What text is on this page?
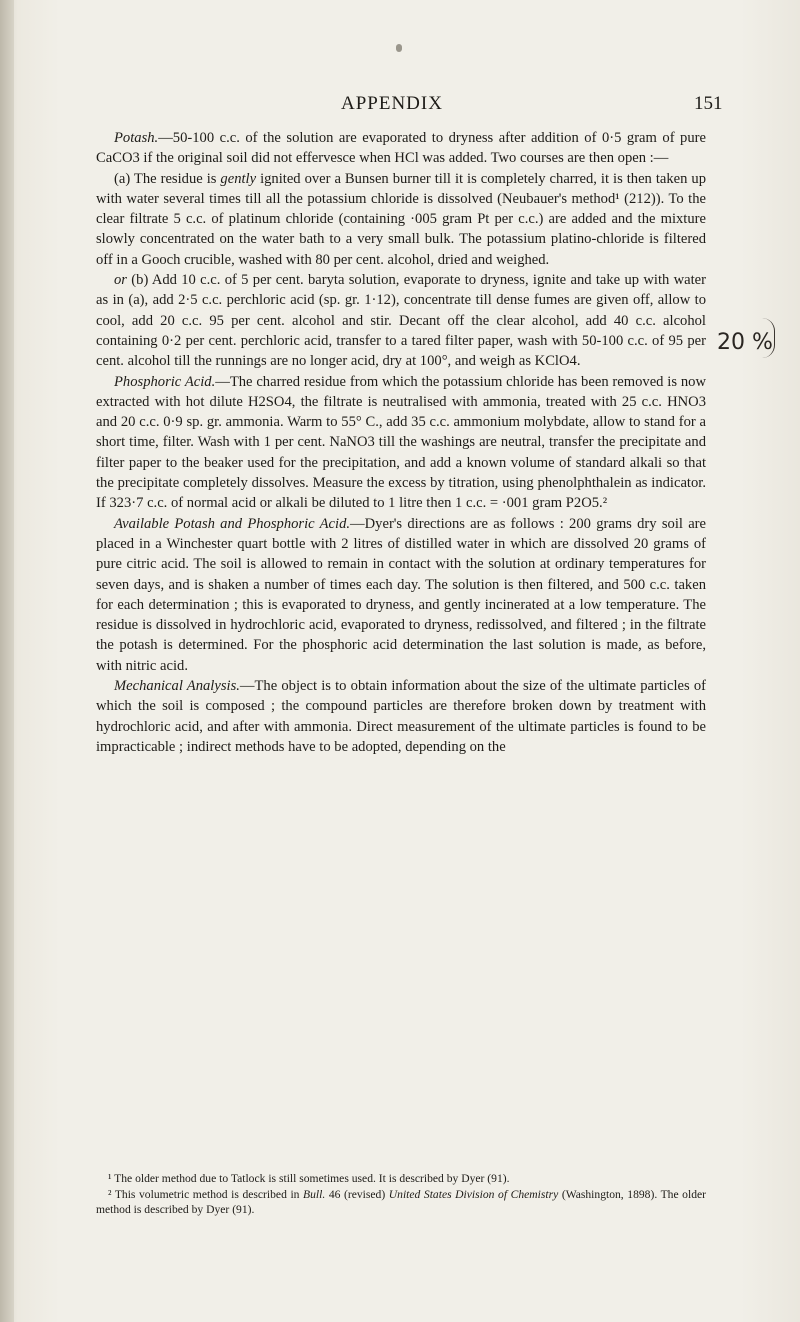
APPENDIX	151
20 %

Potash.—50-100 c.c. of the solution are evaporated to dryness after addition of 0·5 gram of pure CaCO3 if the original soil did not effervesce when HCl was added. Two courses are then open :—

(a) The residue is gently ignited over a Bunsen burner till it is completely charred, it is then taken up with water several times till all the potassium chloride is dissolved (Neubauer's method¹ (212)). To the clear filtrate 5 c.c. of platinum chloride (containing ·005 gram Pt per c.c.) are added and the mixture slowly concentrated on the water bath to a very small bulk. The potassium platino-chloride is filtered off in a Gooch crucible, washed with 80 per cent. alcohol, dried and weighed.

or (b) Add 10 c.c. of 5 per cent. baryta solution, evaporate to dryness, ignite and take up with water as in (a), add 2·5 c.c. perchloric acid (sp. gr. 1·12), concentrate till dense fumes are given off, allow to cool, add 20 c.c. 95 per cent. alcohol and stir. Decant off the clear alcohol, add 40 c.c. alcohol containing 0·2 per cent. perchloric acid, transfer to a tared filter paper, wash with 50-100 c.c. of 95 per cent. alcohol till the runnings are no longer acid, dry at 100°, and weigh as KClO4.

Phosphoric Acid.—The charred residue from which the potassium chloride has been removed is now extracted with hot dilute H2SO4, the filtrate is neutralised with ammonia, treated with 25 c.c. HNO3 and 20 c.c. 0·9 sp. gr. ammonia. Warm to 55° C., add 35 c.c. ammonium molybdate, allow to stand for a short time, filter. Wash with 1 per cent. NaNO3 till the washings are neutral, transfer the precipitate and filter paper to the beaker used for the precipitation, and add a known volume of standard alkali so that the precipitate completely dissolves. Measure the excess by titration, using phenolphthalein as indicator. If 323·7 c.c. of normal acid or alkali be diluted to 1 litre then 1 c.c. = ·001 gram P2O5.²

Available Potash and Phosphoric Acid.—Dyer's directions are as follows : 200 grams dry soil are placed in a Winchester quart bottle with 2 litres of distilled water in which are dissolved 20 grams of pure citric acid. The soil is allowed to remain in contact with the solution at ordinary temperatures for seven days, and is shaken a number of times each day. The solution is then filtered, and 500 c.c. taken for each determination ; this is evaporated to dryness, and gently incinerated at a low temperature. The residue is dissolved in hydrochloric acid, evaporated to dryness, redissolved, and filtered ; in the filtrate the potash is determined. For the phosphoric acid determination the last solution is made, as before, with nitric acid.

Mechanical Analysis.—The object is to obtain information about the size of the ultimate particles of which the soil is composed ; the compound particles are therefore broken down by treatment with hydrochloric acid, and after with ammonia. Direct measurement of the ultimate particles is found to be impracticable ; indirect methods have to be adopted, depending on the

¹ The older method due to Tatlock is still sometimes used. It is described by Dyer (91).

² This volumetric method is described in Bull. 46 (revised) United States Division of Chemistry (Washington, 1898). The older method is described by Dyer (91).
